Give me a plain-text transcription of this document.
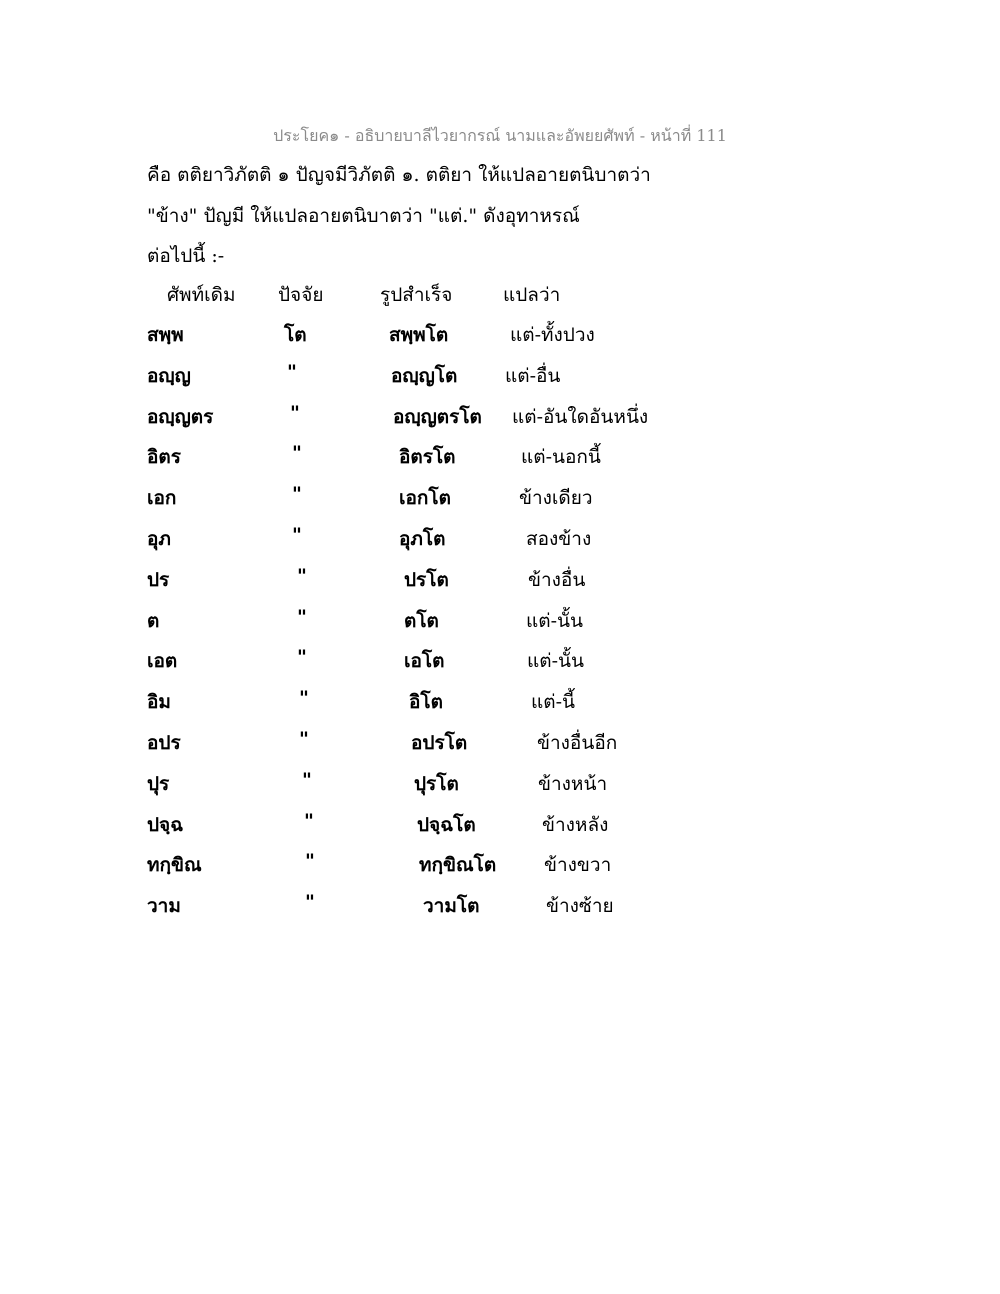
ประโยค๑ - อธิบายบาลีไวยากรณ์ นามและอัพยยศัพท์ - หน้าที่ 111
คือ ตติยาวิภัตติ ๑ ปัญจมีวิภัตติ ๑. ตติยา ให้แปลอายตนิบาตว่า
"ข้าง" ปัญมี ให้แปลอายตนิบาตว่า "แต่." ดังอุทาหรณ์
ต่อไปนี้ :-
ศัพท์เดิม ปัจจัย	รูปสำเร็จ	แปลว่า
สพฺพ	โต	สพฺพโต	แต่-ทั้งปวง
อญฺญ	"	อญฺญโต	แต่-อื่น
อญฺญตร	"	อญฺญตรโต แต่-อันใดอันหนึ่ง
อิตร	"	อิตรโต	แต่-นอกนี้
เอก	"	เอกโต	ข้างเดียว
อุภ	"	อุภโต	สองข้าง
ปร	"	ปรโต	ข้างอื่น
ต	"	ตโต	แต่-นั้น
เอต	"	เอโต	แต่-นั้น
อิม	"	อิโต	แต่-นี้
อปร	"	อปรโต	ข้างอื่นอีก
ปุร	"	ปุรโต	ข้างหน้า
ปจฺฉ	"	ปจฺฉโต	ข้างหลัง
ทกฺขิณ	"	ทกฺขิณโต	ข้างขวา
วาม	"	วามโต	ข้างซ้าย
